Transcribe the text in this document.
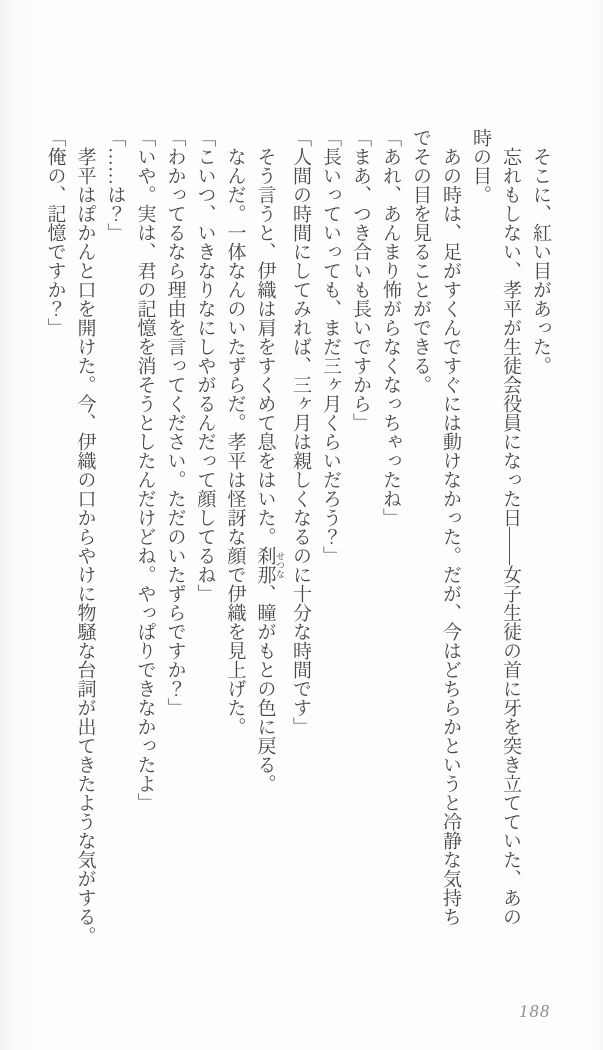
そこに、紅い目があった。
忘れもしない、孝平が生徒会役員になった日――女子生徒の首に牙を突き立てていた、あの
時の目。
あの時は、足がすくんですぐには動けなかった。だが、今はどちらかというと冷静な気持ち
でその目を見ることができる。
「あれ、あんまり怖がらなくなっちゃったね」
「まあ、つき合いも長いですから」
「長いっていっても、まだ三ヶ月くらいだろう？」
「人間の時間にしてみれば、三ヶ月は親しくなるのに十分な時間です」
そう言うと、伊織は肩をすくめて息をはいた。刹那 せつな、瞳がもとの色に戻る。
なんだ。一体なんのいたずらだ。孝平は怪訝な顔で伊織を見上げた。
「こいつ、いきなりなにしやがるんだって顔してるね」
「わかってるなら理由を言ってください。ただのいたずらですか？」
「いや。実は、君の記憶を消そうとしたんだけどね。やっぱりできなかったよ」
「……は？」
孝平はぽかんと口を開けた。今、伊織の口からやけに物騒な台詞が出てきたような気がする。
「俺の、記憶ですか？」
188
